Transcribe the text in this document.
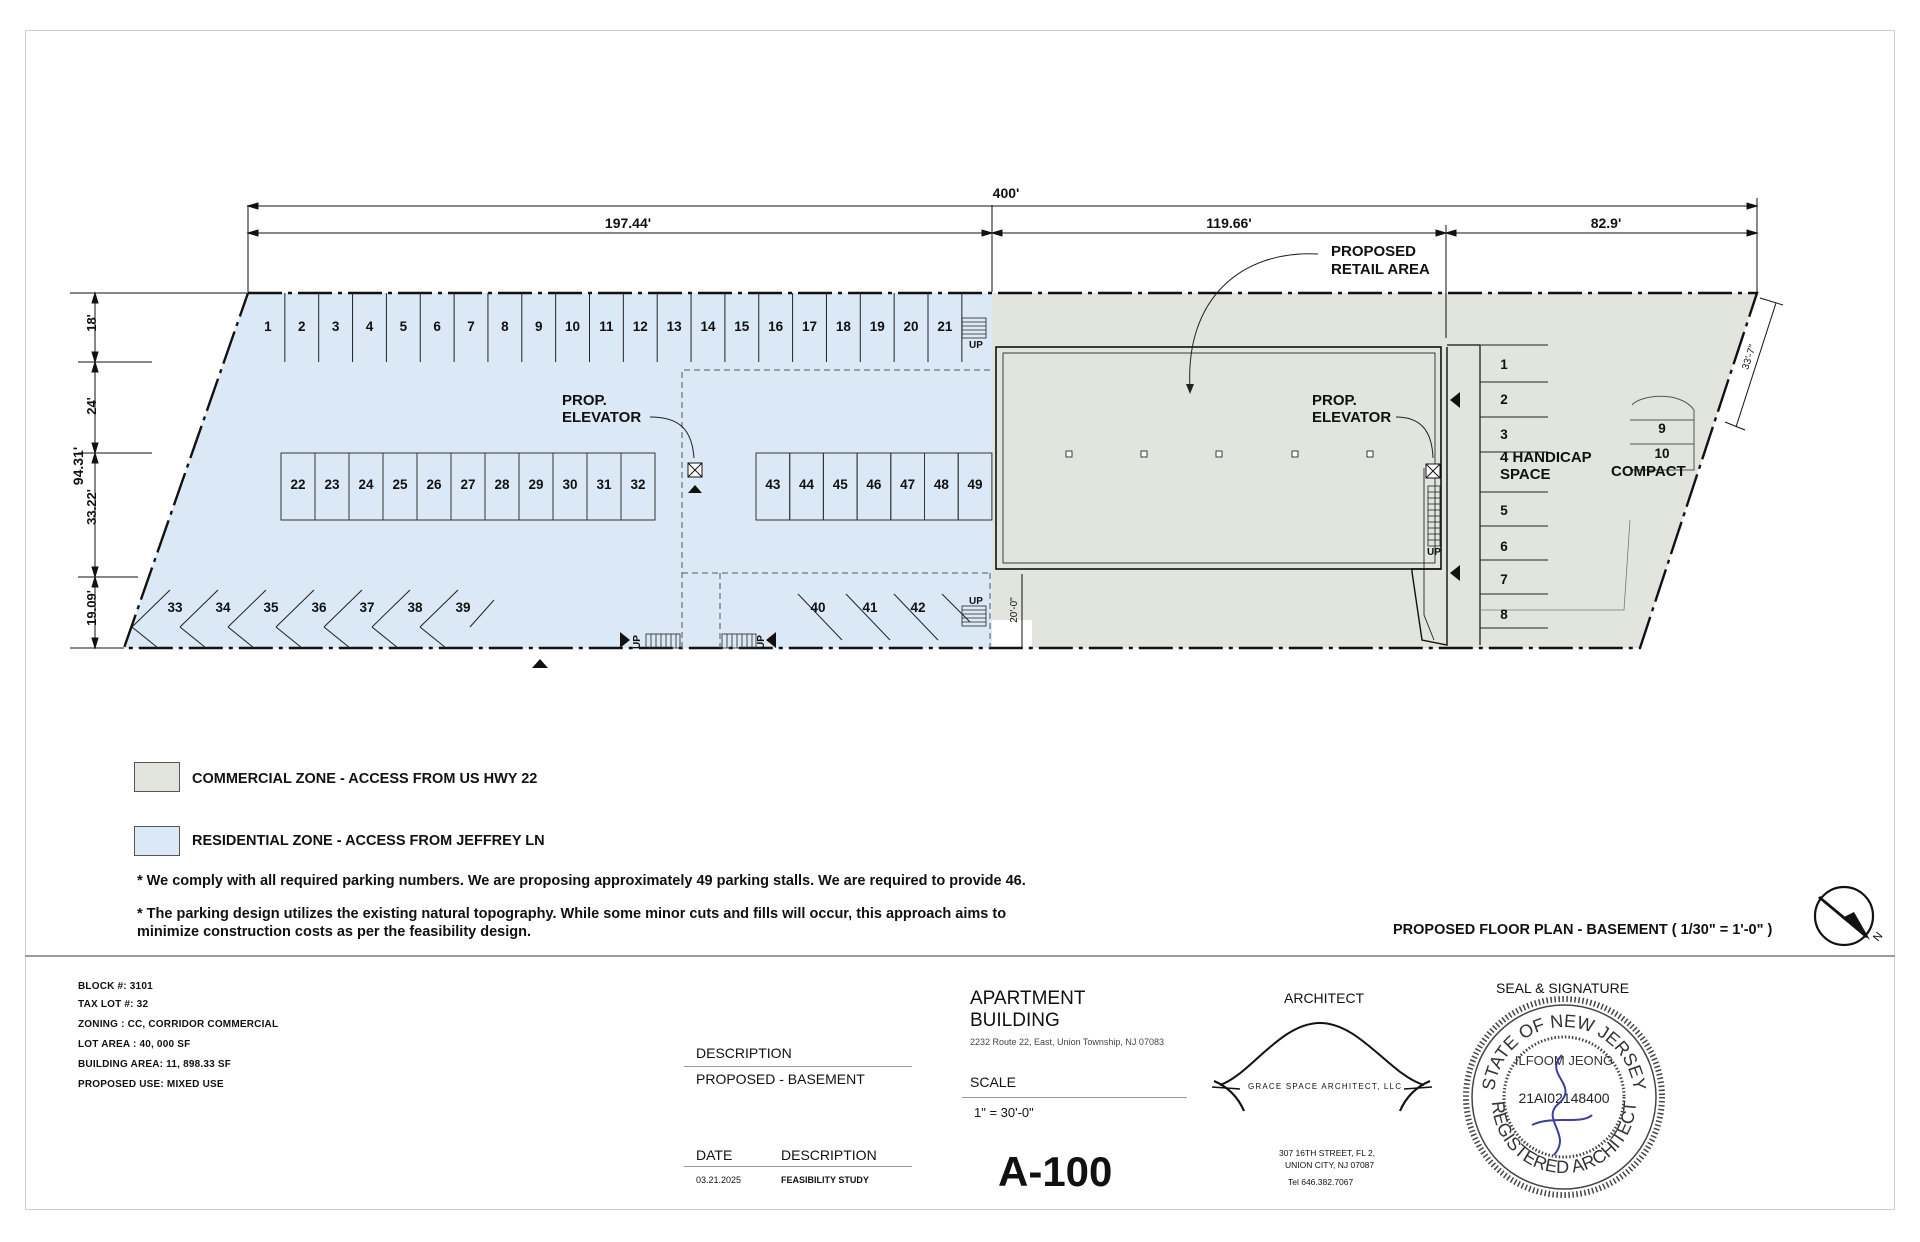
1 2 3 4 5 6 7 8 9 10 11 12 13 14 15 16 17 18 19 20 21
22 23 24 25 26 27 28 29 30 31 32	43 44 45 46 47 48 49
33 34 35 36 37 38 39	40	41 42
1
2
3
5
6
7
8
9
10
UP
UP
UP
UP	UP
PROPOSED
RETAIL AREA
PROP.
ELEVATOR
PROP.
ELEVATOR
4 HANDICAP
SPACE	COMPACT
400'
197.44'	119.66'	82.9'
94.31'
18'
24'
33.22'
19.09'
33'-7"
20'-0"
N
COMMERCIAL ZONE - ACCESS FROM US HWY 22
RESIDENTIAL ZONE - ACCESS FROM JEFFREY LN
* We comply with all required parking numbers. We are proposing approximately 49 parking stalls. We are required to provide 46.
* The parking design utilizes the existing natural topography. While some minor cuts and fills will occur, this approach aims to
minimize construction costs as per the feasibility design.	PROPOSED FLOOR PLAN - BASEMENT ( 1/30" = 1'-0" )
BLOCK #: 3101
TAX LOT #: 32
ZONING : CC, CORRIDOR COMMERCIAL
LOT AREA : 40, 000 SF
BUILDING AREA: 11, 898.33 SF
PROPOSED USE: MIXED USE
DESCRIPTION
PROPOSED - BASEMENT
DATE	DESCRIPTION
03.21.2025	FEASIBILITY STUDY
APARTMENT
BUILDING
2232 Route 22, East, Union Township, NJ 07083
SCALE
1" = 30'-0"
A-100
ARCHITECT
GRACE SPACE ARCHITECT, LLC
307 16TH STREET, FL 2,
UNION CITY, NJ 07087
Tel 646.382.7067
SEAL & SIGNATURE
STATE OF NEW JERSEY
REGISTERED ARCHITECT
ILFOOM JEONG
21AI02148400
